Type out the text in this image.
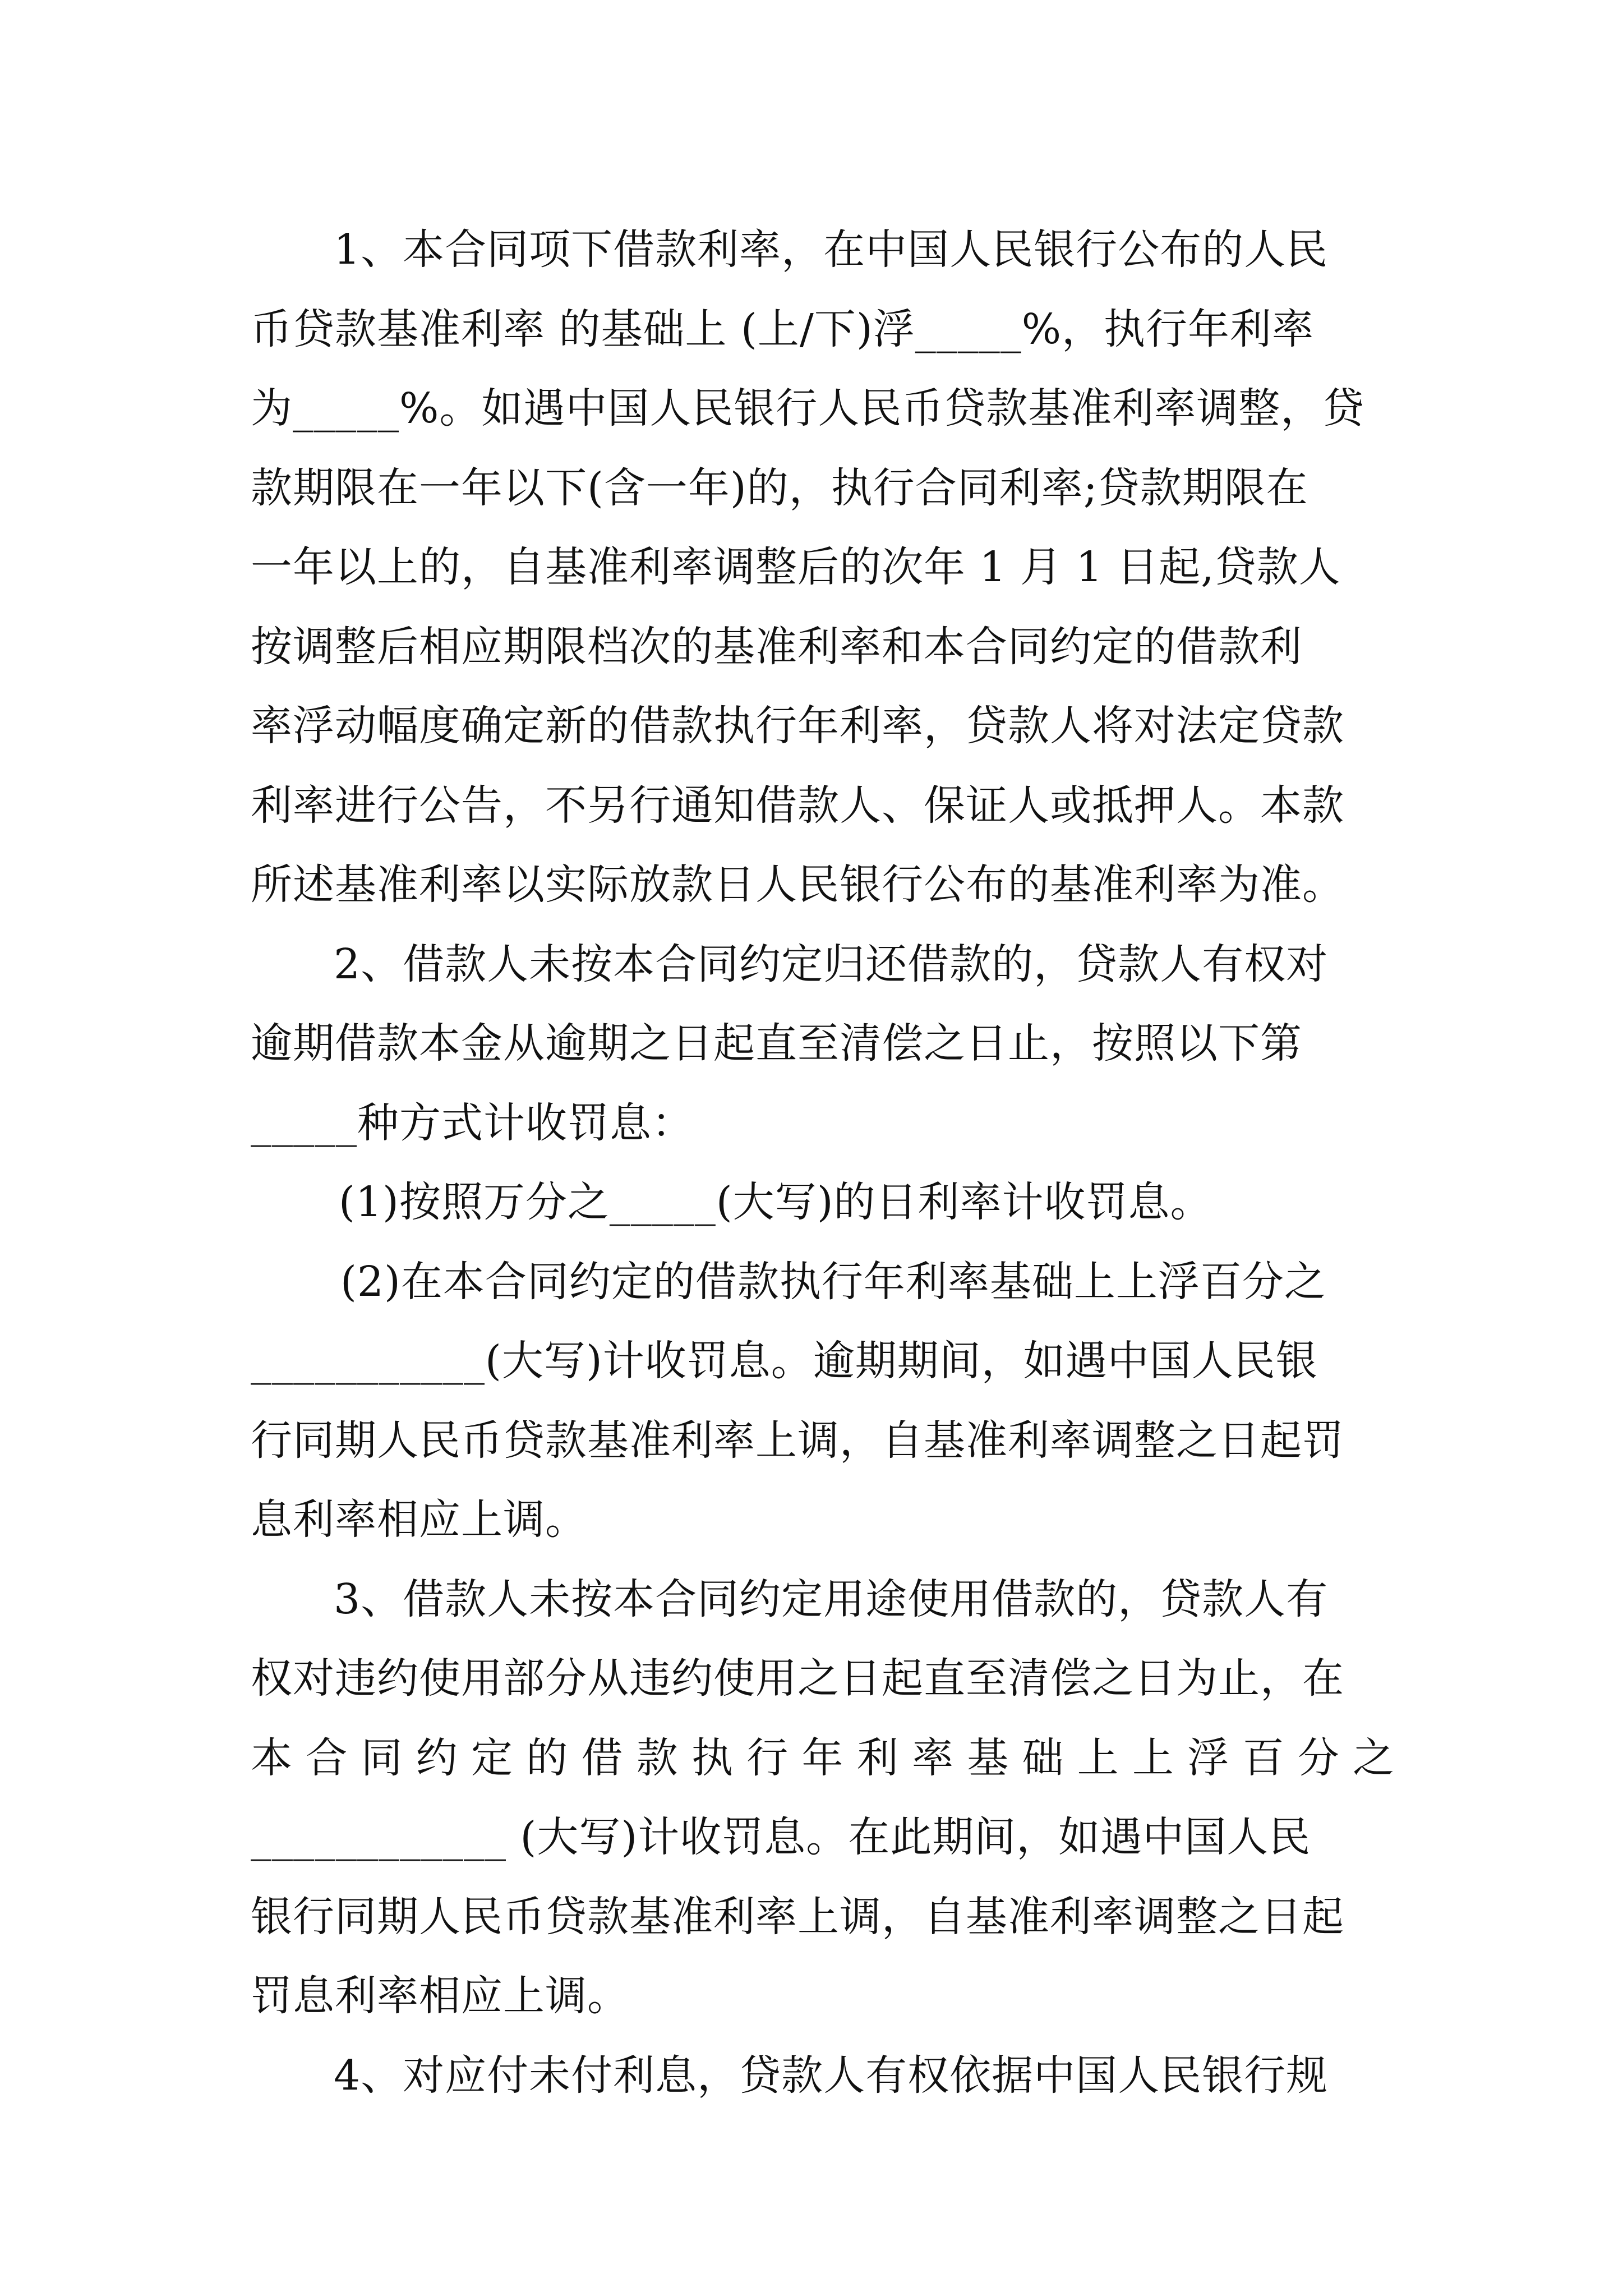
1、本合同项下借款利率，在中国人民银行公布的人民
币贷款基准利率 的基础上 (上/下)浮_____%，执行年利率
为_____%。如遇中国人民银行人民币贷款基准利率调整，贷
款期限在一年以下(含一年)的，执行合同利率;贷款期限在
一年以上的，自基准利率调整后的次年 1 月 1 日起,贷款人
按调整后相应期限档次的基准利率和本合同约定的借款利
率浮动幅度确定新的借款执行年利率，贷款人将对法定贷款
利率进行公告，不另行通知借款人、保证人或抵押人。本款
所述基准利率以实际放款日人民银行公布的基准利率为准。
2、借款人未按本合同约定归还借款的，贷款人有权对
逾期借款本金从逾期之日起直至清偿之日止，按照以下第
_____种方式计收罚息：
(1)按照万分之_____(大写)的日利率计收罚息。
(2)在本合同约定的借款执行年利率基础上上浮百分之
___________(大写)计收罚息。逾期期间，如遇中国人民银
行同期人民币贷款基准利率上调，自基准利率调整之日起罚
息利率相应上调。
3、借款人未按本合同约定用途使用借款的，贷款人有
权对违约使用部分从违约使用之日起直至清偿之日为止，在
本合同约定的借款执行年利率基础上上浮百分之
____________ (大写)计收罚息。在此期间，如遇中国人民
银行同期人民币贷款基准利率上调，自基准利率调整之日起
罚息利率相应上调。
4、对应付未付利息，贷款人有权依据中国人民银行规
